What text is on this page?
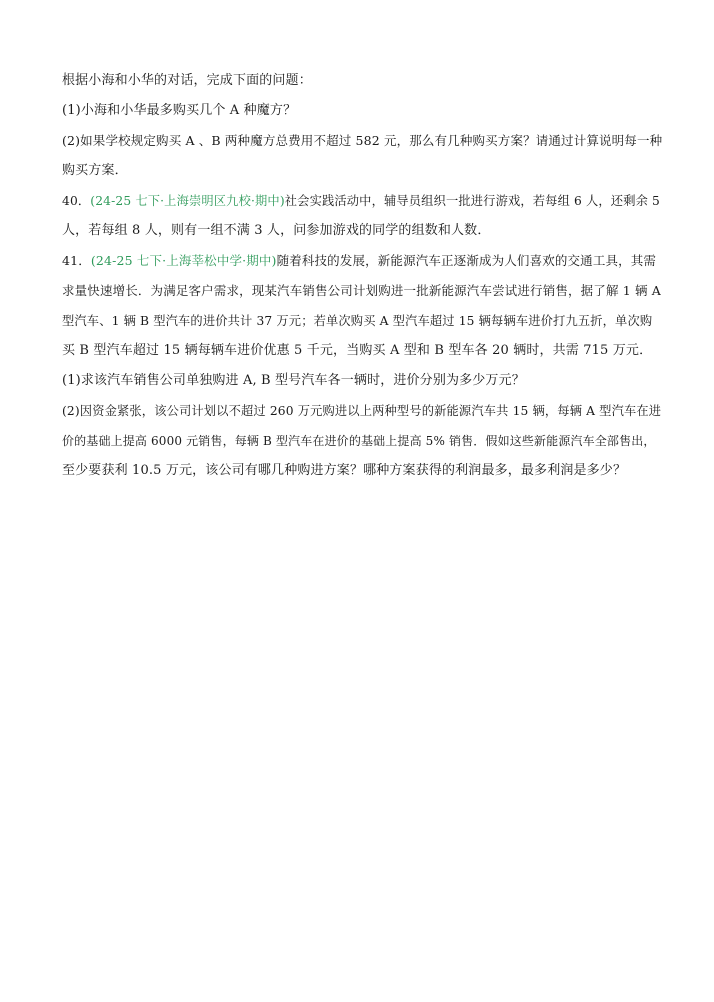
根据小海和小华的对话，完成下面的问题：
(1)小海和小华最多购买几个 A 种魔方？
(2)如果学校规定购买 A 、B 两种魔方总费用不超过 582 元，那么有几种购买方案？请通过计算说明每一种
购买方案．
40．(24-25 七下·上海崇明区九校·期中)社会实践活动中，辅导员组织一批进行游戏，若每组 6 人，还剩余 5
人，若每组 8 人，则有一组不满 3 人，问参加游戏的同学的组数和人数．
41．(24-25 七下·上海莘松中学·期中)随着科技的发展，新能源汽车正逐渐成为人们喜欢的交通工具，其需
求量快速增长．为满足客户需求，现某汽车销售公司计划购进一批新能源汽车尝试进行销售，据了解 1 辆 A
型汽车、1 辆 B 型汽车的进价共计 37 万元；若单次购买 A 型汽车超过 15 辆每辆车进价打九五折，单次购
买 B 型汽车超过 15 辆每辆车进价优惠 5 千元，当购买 A 型和 B 型车各 20 辆时，共需 715 万元．
(1)求该汽车销售公司单独购进 A, B 型号汽车各一辆时，进价分别为多少万元？
(2)因资金紧张，该公司计划以不超过 260 万元购进以上两种型号的新能源汽车共 15 辆，每辆 A 型汽车在进
价的基础上提高 6000 元销售，每辆 B 型汽车在进价的基础上提高 5% 销售．假如这些新能源汽车全部售出，
至少要获利 10.5 万元，该公司有哪几种购进方案？哪种方案获得的利润最多，最多利润是多少？
